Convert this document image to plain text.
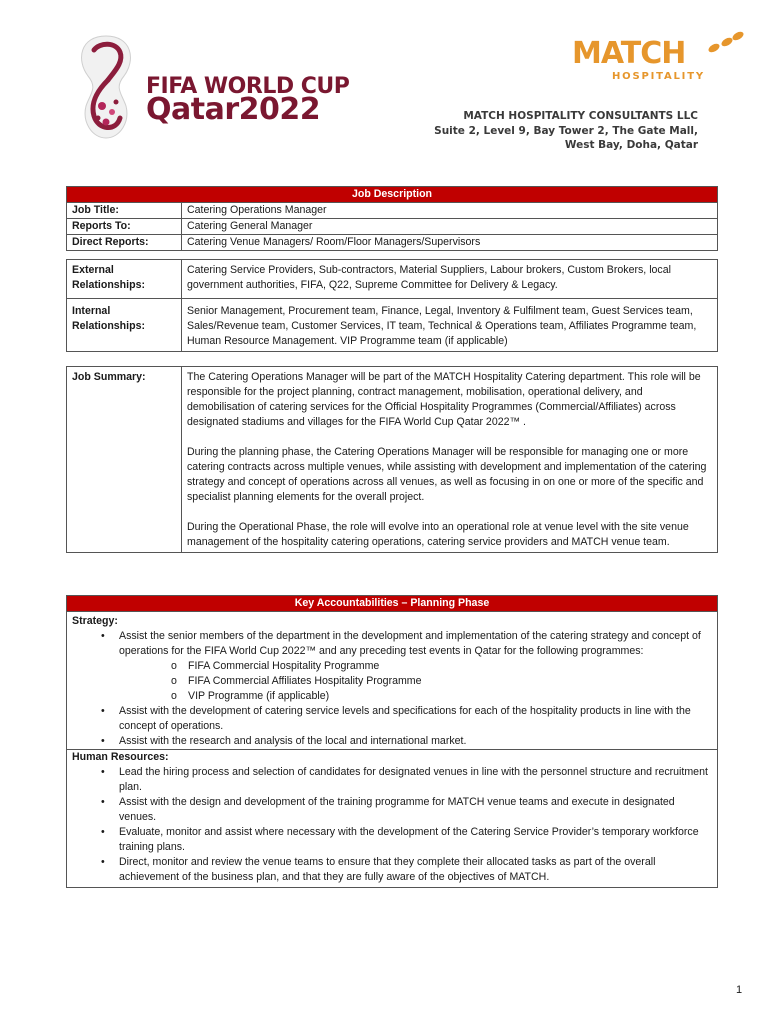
FIFA WORLD CUP
Qatar2022
MATCH
HOSPITALITY
MATCH HOSPITALITY CONSULTANTS LLC
Suite 2, Level 9, Bay Tower 2, The Gate Mall,
West Bay, Doha, Qatar
Job Description	
Job Title:	Catering Operations Manager
Reports To:	Catering General Manager
Direct Reports:	Catering Venue Managers/ Room/Floor Managers/Supervisors
External Relationships:	Catering Service Providers, Sub-contractors, Material Suppliers, Labour brokers, Custom Brokers, local government authorities, FIFA, Q22, Supreme Committee for Delivery & Legacy.
Internal Relationships:	Senior Management, Procurement team, Finance, Legal, Inventory & Fulfilment team, Guest Services team, Sales/Revenue team, Customer Services, IT team, Technical & Operations team, Affiliates Programme team, Human Resource Management. VIP Programme team (if applicable)
Job Summary:	The Catering Operations Manager will be part of the MATCH Hospitality Catering department. This role will be responsible for the project planning, contract management, mobilisation, operational delivery, and demobilisation of catering services for the Official Hospitality Programmes (Commercial/Affiliates) across designated stadiums and villages for the FIFA World Cup Qatar 2022™ .

During the planning phase, the Catering Operations Manager will be responsible for managing one or more catering contracts across multiple venues, while assisting with development and implementation of the catering strategy and concept of operations across all venues, as well as focusing in on one or more of the specific and specialist planning elements for the overall project.

During the Operational Phase, the role will evolve into an operational role at venue level with the site venue management of the hospitality catering operations, catering service providers and MATCH venue team.

Key Accountabilities – Planning Phase

Strategy:
• Assist the senior members of the department in the development and implementation of the catering strategy and concept of operations for the FIFA World Cup 2022™ and any preceding test events in Qatar for the following programmes:
o FIFA Commercial Hospitality Programme
o FIFA Commercial Affiliates Hospitality Programme
o VIP Programme (if applicable)
• Assist with the development of catering service levels and specifications for each of the hospitality products in line with the concept of operations.
• Assist with the research and analysis of the local and international market.

Human Resources:
• Lead the hiring process and selection of candidates for designated venues in line with the personnel structure and recruitment plan.
• Assist with the design and development of the training programme for MATCH venue teams and execute in designated venues.
• Evaluate, monitor and assist where necessary with the development of the Catering Service Provider’s temporary workforce training plans.
• Direct, monitor and review the venue teams to ensure that they complete their allocated tasks as part of the overall achievement of the business plan, and that they are fully aware of the objectives of MATCH.
1
